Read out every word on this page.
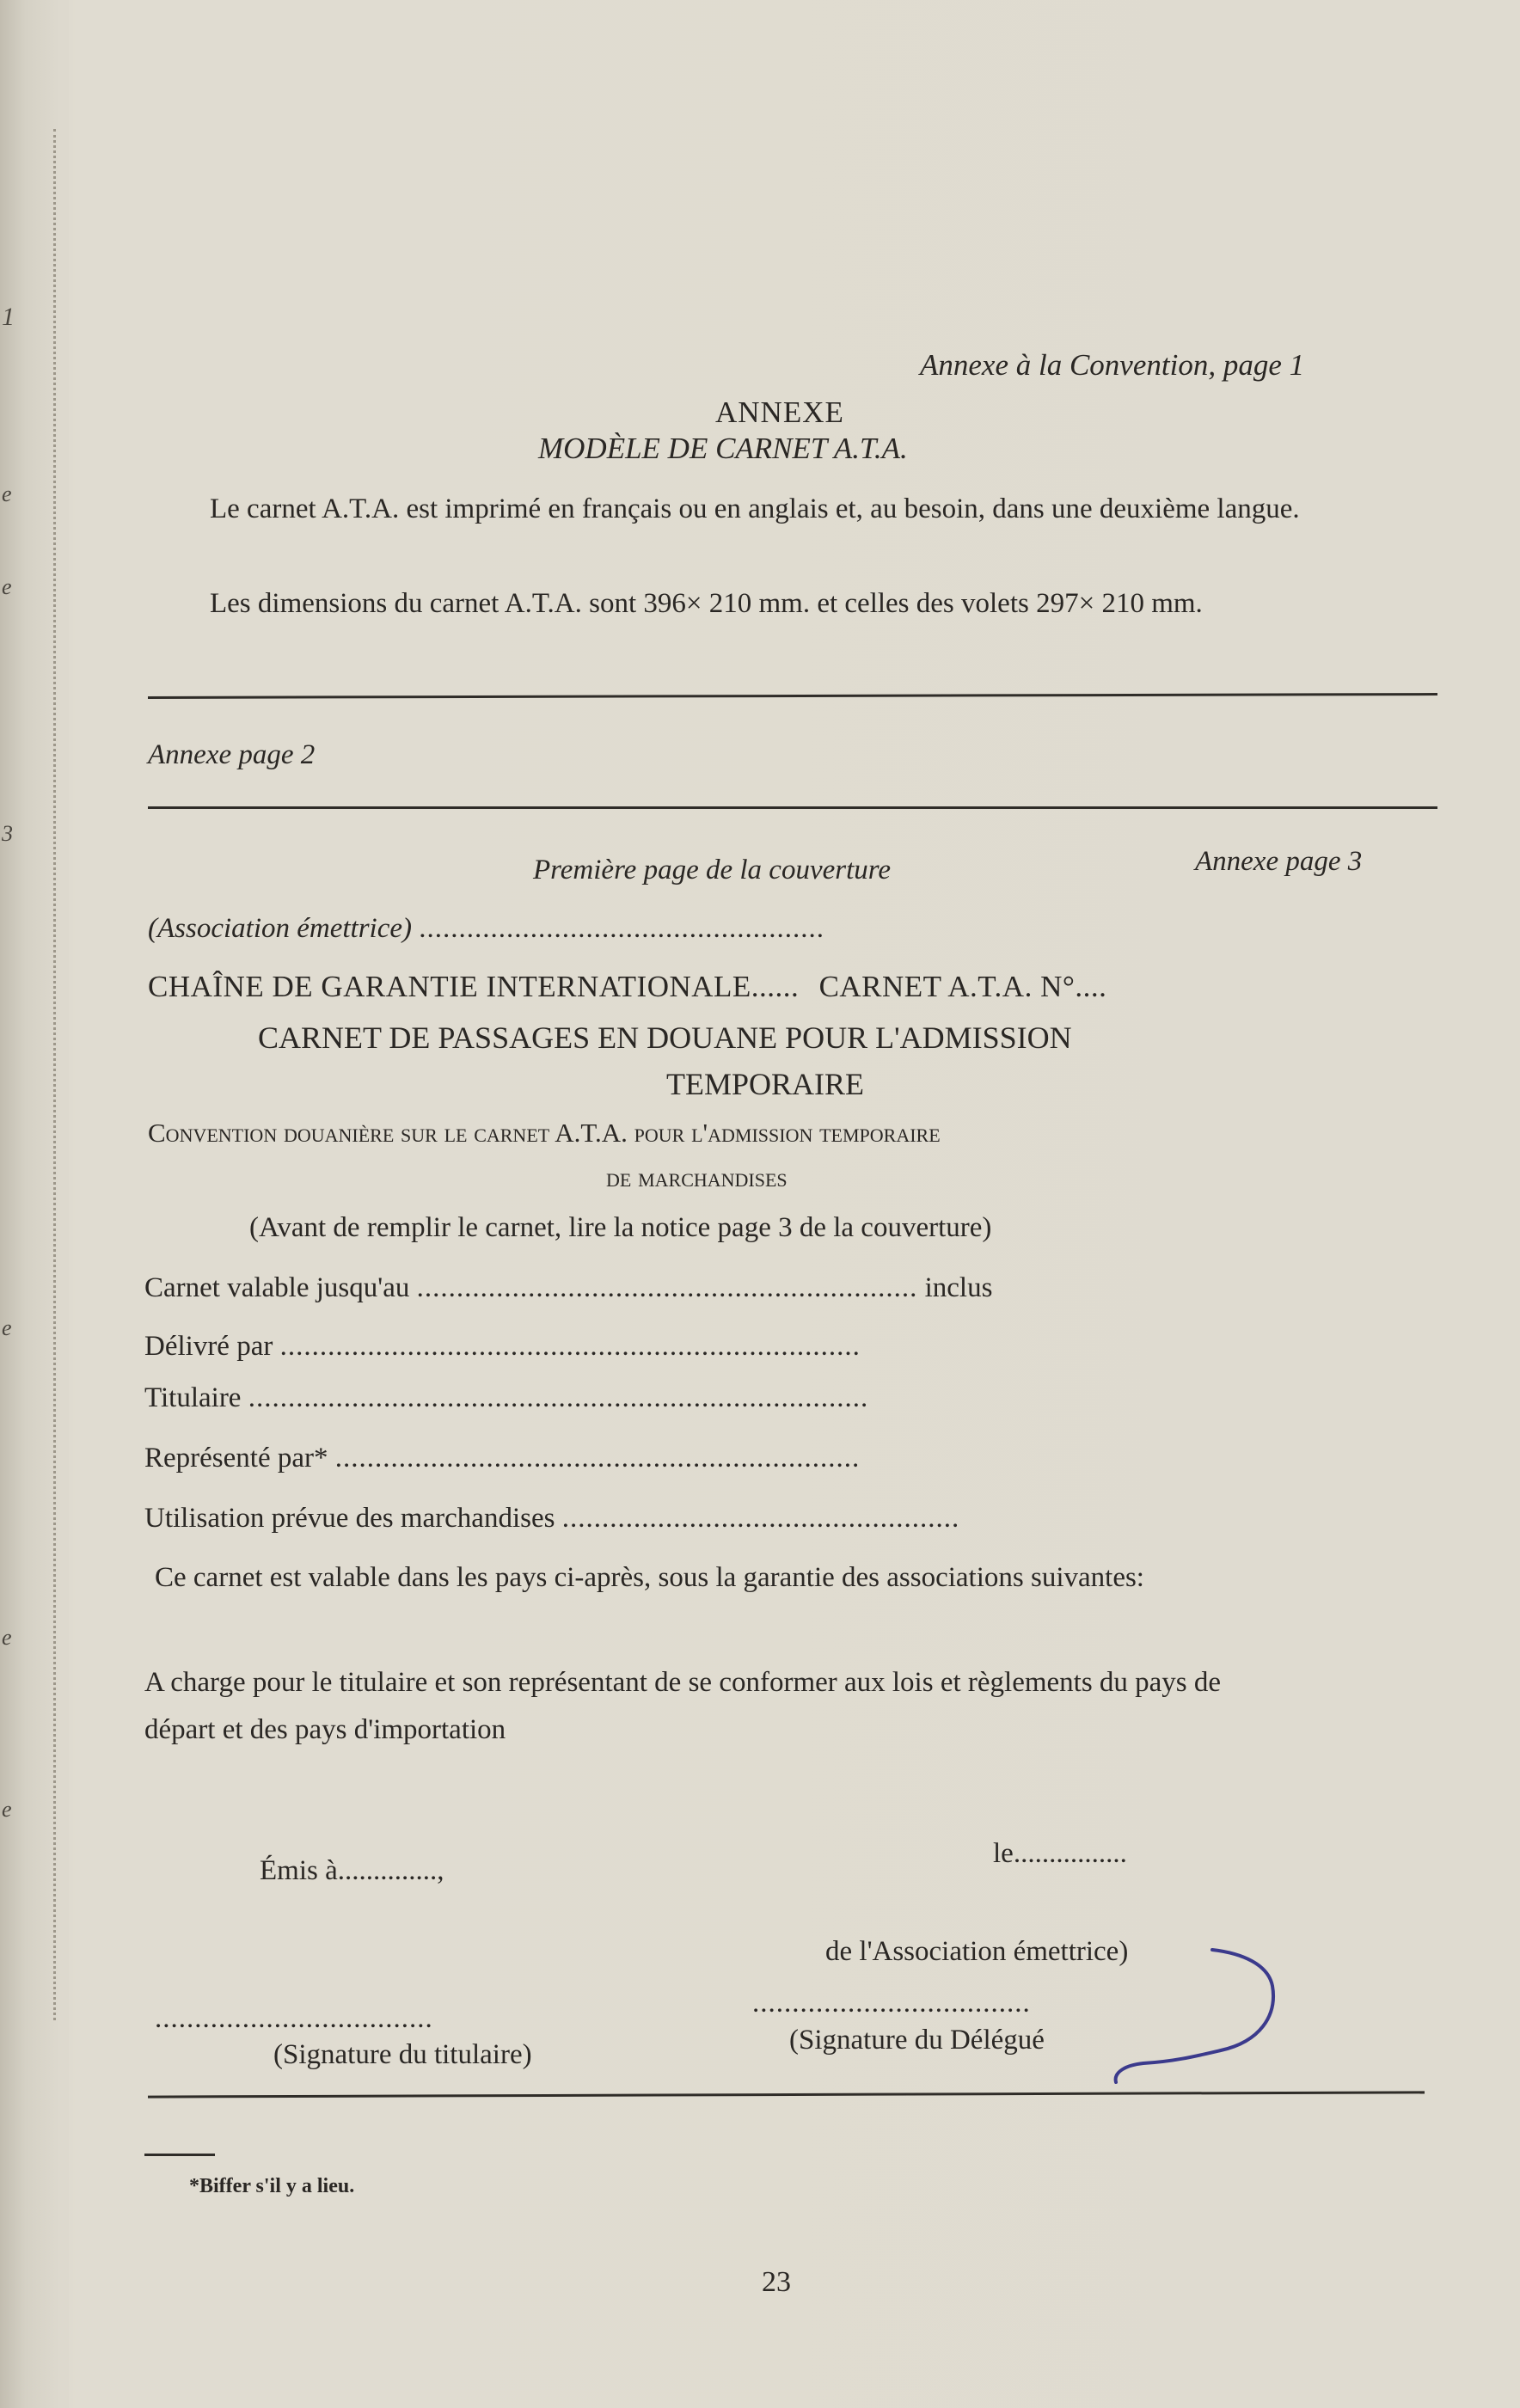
1
e
e
3
e
e
e
Annexe à la Convention, page 1
ANNEXE
MODÈLE DE CARNET A.T.A.
Le carnet A.T.A. est imprimé en français ou en anglais et, au besoin, dans une deuxième langue.
Les dimensions du carnet A.T.A. sont 396× 210 mm. et celles des volets 297× 210 mm.
Annexe page 2
Première page de la couverture	Annexe page 3
(Association émettrice) ...................................................
CHAÎNE DE GARANTIE INTERNATIONALE...... CARNET A.T.A. N°....
CARNET DE PASSAGES EN DOUANE POUR L'ADMISSION
TEMPORAIRE
Convention douanière sur le carnet A.T.A. pour l'admission temporaire
de marchandises
(Avant de remplir le carnet, lire la notice page 3 de la couverture)
Carnet valable jusqu'au ............................................................... inclus
Délivré par .........................................................................
Titulaire ..............................................................................
Représenté par* ..................................................................
Utilisation prévue des marchandises ..................................................
Ce carnet est valable dans les pays ci-après, sous la garantie des associations suivantes:
A charge pour le titulaire et son représentant de se conformer aux lois et règlements du pays de départ et des pays d'importation
Émis à..............,
le................
de l'Association émettrice)
...................................	...................................
(Signature du titulaire)	(Signature du Délégué
*Biffer s'il y a lieu.
23
